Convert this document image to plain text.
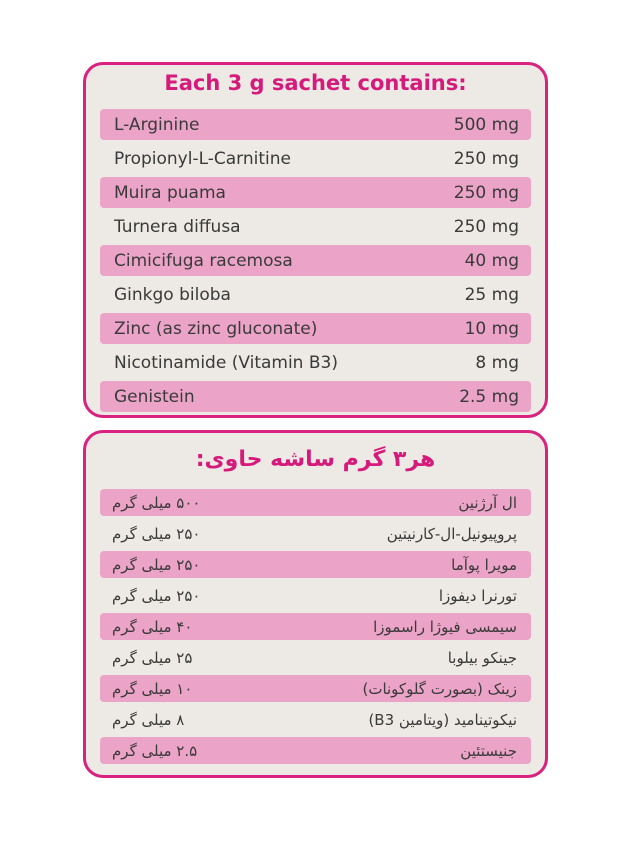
Each 3 g sachet contains:
L-Arginine	500 mg
Propionyl-L-Carnitine	250 mg
Muira puama	250 mg
Turnera diffusa	250 mg
Cimicifuga racemosa	40 mg
Ginkgo biloba	25 mg
Zinc (as zinc gluconate)	10 mg
Nicotinamide (Vitamin B3)	8 mg
Genistein	2.5 mg
هر۳ گرم ساشه حاوی:
۵۰۰ میلی گرم	ال آرژنین
۲۵۰ میلی گرم	پروپیونیل-ال-کارنیتین
۲۵۰ میلی گرم	مویرا پوآما
۲۵۰ میلی گرم	تورنرا دیفوزا
۴۰ میلی گرم	سیمسی فیوژا راسموزا
۲۵ میلی گرم	جینکو بیلوبا
۱۰ میلی گرم	زینک (بصورت گلوکونات)
۸ میلی گرم	نیکوتینامید (ویتامین B3)
۲.۵ میلی گرم	جنیستئین
